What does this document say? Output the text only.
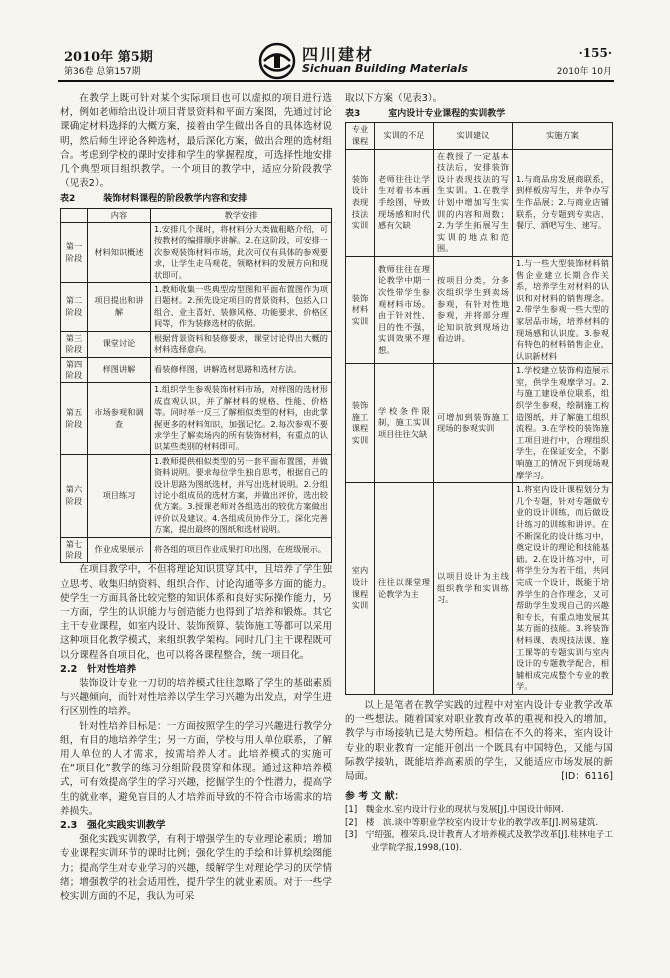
2010年 第5期
第36卷 总第157期
四川建材
Sichuan Building Materials
·155·
2010年 10月

在教学上既可针对某个实际项目也可以虚拟的项目进行选材，例如老师给出设计项目背景资料和平面方案图，先通过讨论课确定材料选择的大概方案，接着由学生做出各自的具体选材说明，然后师生评论各种选材，最后深化方案，做出合理的选材组合。考虑到学校的课时安排和学生的掌握程度，可选择性地安排几个典型项目组织教学。一个项目的教学中，适应分阶段教学（见表2）。

表2	装饰材料课程的阶段教学内容和安排
	内容	教学安排
第一阶段	材料知识概述	1.安排几个课时，将材料分大类做粗略介绍，可按教材的编排顺序讲解。2.在这阶段，可安排一次参观装饰材料市场，此次可仅有具体的参观要求，让学生走马观花，领略材料的发展方向和现状即可。
第二阶段	项目提出和讲解	1.教师收集一些典型房型图和平面布置图作为项目题材。2.预先设定项目的背景资料，包括入口组合、业主喜好、装修风格、功能要求、价格区间等，作为装修选材的依据。
第三阶段	课堂讨论	根据背景资料和装修要求，课堂讨论得出大概的材料选择意向。
第四阶段	样图讲解	看装修样图，讲解选材思路和选材方法。
第五阶段	市场参观和调查	1.组织学生参观装饰材料市场，对样图的选材形成直观认识，并了解材料的规格、性能、价格等。同时举一反三了解相似类型的材料，由此掌握更多的材料知识，加强记忆。2.每次参观不要求学生了解卖场内的所有装饰材料，有重点的认识某些类别的材料即可。
第六阶段	项目练习	1.教师提供相似类型的另一套平面布置图，并做资料说明。要求每位学生独自思考，根据自己的设计思路为图纸选材，并写出选材说明。2.分组讨论小组成员的选材方案，并做出评价，选出较优方案。3.授课老师对各组选出的较优方案做出评价以及建议。4.各组成员协作分工，深化完善方案，提出最终的图纸和选材说明。
第七阶段	作业成果展示	将各组的项目作业成果打印出图，在班级展示。

在项目教学中，不但将理论知识贯穿其中，且培养了学生独立思考、收集归纳资料、组织合作、讨论沟通等多方面的能力。使学生一方面具备比较完整的知识体系和良好实际操作能力，另一方面，学生的认识能力与创造能力也得到了培养和锻炼。其它主干专业课程，如室内设计、装饰预算、装饰施工等都可以采用这种项目化教学模式，来组织教学架构。同时几门主干课程既可以分课程各自项目化，也可以将各课程整合，统一项目化。

2.2　针对性培养

装饰设计专业一刀切的培养模式往往忽略了学生的基础素质与兴趣倾向，而针对性培养以学生学习兴趣为出发点，对学生进行区别性的培养。

针对性培养目标是：一方面按照学生的学习兴趣进行教学分组，有目的地培养学生；另一方面，学校与用人单位联系，了解用人单位的人才需求，按需培养人才。此培养模式的实施可在“项目化”教学的练习分组阶段贯穿和体现。通过这种培养模式，可有效提高学生的学习兴趣，挖掘学生的个性潜力，提高学生的就业率，避免盲目的人才培养而导致的不符合市场需求的培养损失。

2.3　强化实践实训教学

强化实践实训教学，有利于增强学生的专业理论素质；增加专业课程实训环节的课时比例；强化学生的手绘和计算机绘图能力；提高学生对专业学习的兴趣，缓解学生对理论学习的厌学情绪；增强教学的社会适用性，提升学生的就业素质。对于一些学校实训方面的不足，我认为可采

取以下方案（见表3）。

表3	室内设计专业课程的实训教学
专业课程	实训的不足	实训建议	实施方案
装饰设计表现技法实训	老师往往让学生对着书本画手绘图，导致现场感和时代感有欠缺	在教授了一定基本技法后，安排装饰设计表现技法的写生实训。1.在教学计划中增加写生实训的内容和周数；2.为学生拓展写生实训的地点和范围。	1.与商品房发展商联系，到样板房写生，并争办写生作品展；2.与商业店铺联系，分专题到专卖店、餐厅、酒吧写生、速写。
装饰材料实训	教师往往在理论教学中期一次性带学生参观材料市场。由于针对性、目的性不强，实训效果不理想。	按项目分类，分多次组织学生到卖场参观，有针对性地参观，并将部分理论知识放到现场边看边讲。	1.与一些大型装饰材料销售企业建立长期合作关系，培养学生对材料的认识和对材料的销售理念。2.带学生参观一些大型的家居品市场，培养材料的现场感和认识度。3.参观有特色的材料销售企业，认识新材料
装饰施工课程实训	学校条件限制，施工实训项目往往欠缺	可增加到装饰施工现场的参观实训	1.学校建立装饰构造展示室，供学生观摩学习。2.与施工建设单位联系，组织学生参观，绘制施工构造图纸，并了解施工组织流程。3.在学校的装饰施工项目进行中，合理组织学生，在保证安全，不影响施工的情况下到现场观摩学习。
室内设计课程实训	往往以课堂理论教学为主	以项目设计为主线组织教学和实训练习。	1.将室内设计课程划分为几个专题，针对专题做专业的设计训练，而后做设计练习的训练和讲评。在不断深化的设计练习中，奠定设计的理论和技能基础。2.在设计练习中，可将学生分为若干组，共同完成一个设计，既能于培养学生的合作理念，又可帮助学生发现自己的兴趣和专长，有重点地发展其某方面的技能。3.将装饰材料课、表现技法课、施工课等的专题实训与室内设计的专题教学配合，相辅相成完成整个专业的教学。

以上是笔者在教学实践的过程中对室内设计专业教学改革的一些想法。随着国家对职业教育改革的重视和投入的增加，教学与市场接轨已是大势所趋。相信在不久的将来，室内设计专业的职业教育一定能开创出一个既具有中国特色，又能与国际教学接轨，既能培养高素质的学生，又能适应市场发展的新局面。	[ID：6116]

参 考 文 献：
[1]　魏金水.室内设计行业的现状与发展[J].中国设计师网.
[2]　楼　滨.谈中等职业学校室内设计专业的教学改革[J].网易建筑.
[3]　宁绍强，穆荣兵.设计教育人才培养模式及教学改革[J].桂林电子工业学院学报,1998,(10).
